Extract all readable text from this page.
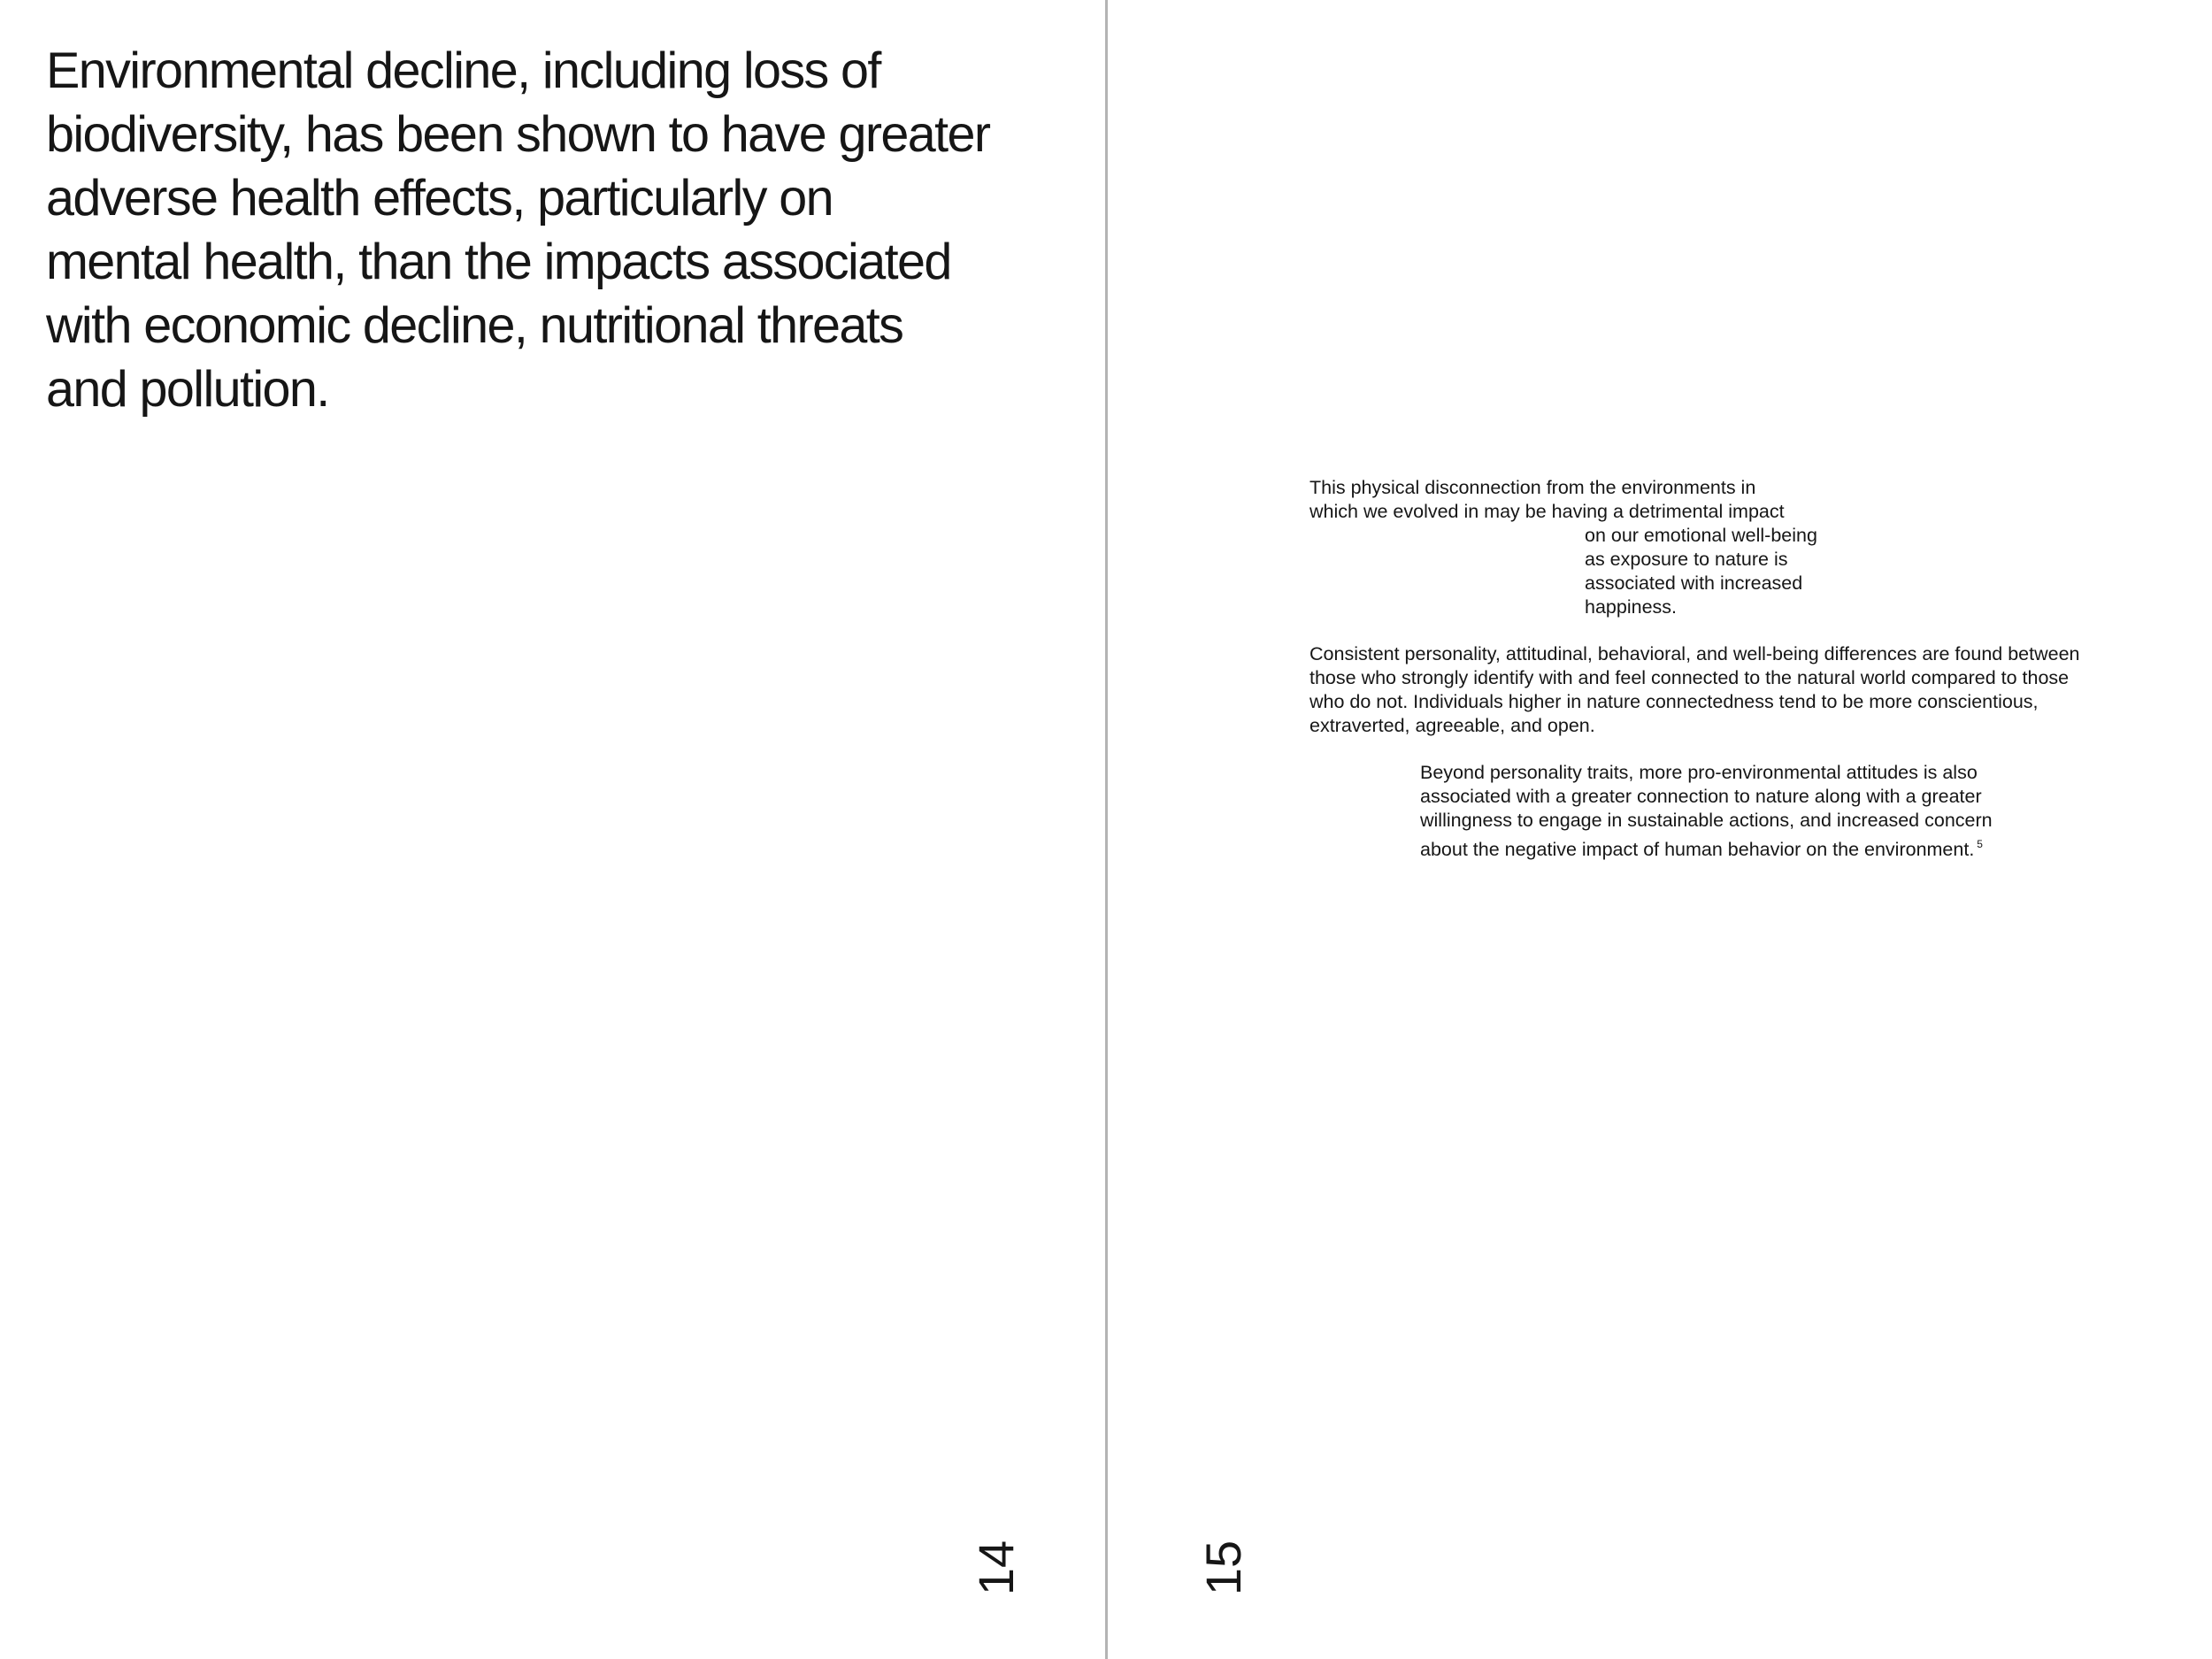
Environmental decline, including loss of
biodiversity, has been shown to have greater
adverse health effects, particularly on
mental health, than the impacts associated
with economic decline, nutritional threats
and pollution.
14

This physical disconnection from the environments in
which we evolved in may be having a detrimental impact
on our emotional well-being
as exposure to nature is
associated with increased
happiness.

Consistent personality, attitudinal, behavioral, and well-being differences are found between
those who strongly identify with and feel connected to the natural world compared to those
who do not. Individuals higher in nature connectedness tend to be more conscientious,
extraverted, agreeable, and open.

Beyond personality traits, more pro-environmental attitudes is also
associated with a greater connection to nature along with a greater
willingness to engage in sustainable actions, and increased concern
about the negative impact of human behavior on the environment. $^5$

15
